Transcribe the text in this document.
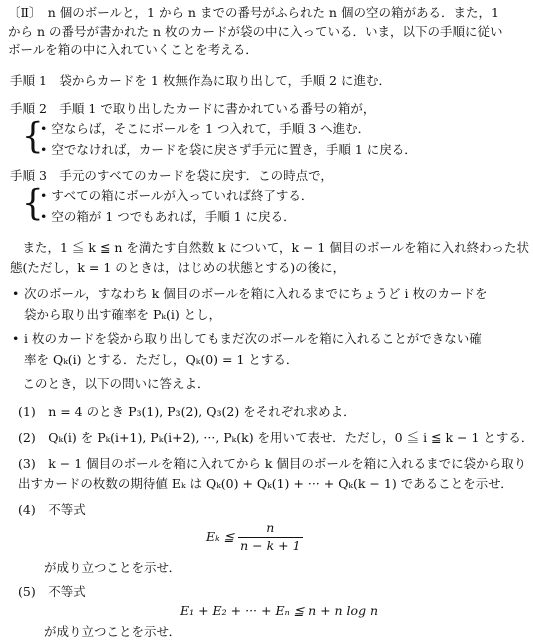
〔Ⅱ〕　n 個のボールと，1 から n までの番号がふられた n 個の空の箱がある．また，1

から n の番号が書かれた n 枚のカードが袋の中に入っている．いま，以下の手順に従い

ボールを箱の中に入れていくことを考える．

手順 1　袋からカードを 1 枚無作為に取り出して，手順 2 に進む．

手順 2　手順 1 で取り出したカードに書かれている番号の箱が，

{ • 空ならば，そこにボールを 1 つ入れて，手順 3 へ進む．

• 空でなければ，カードを袋に戻さず手元に置き，手順 1 に戻る．

手順 3　手元のすべてのカードを袋に戻す．この時点で，

{ • すべての箱にボールが入っていれば終了する．

• 空の箱が 1 つでもあれば，手順 1 に戻る．

　また，1 ≦ k ≦ n を満たす自然数 k について，k − 1 個目のボールを箱に入れ終わった状

態(ただし，k = 1 のときは，はじめの状態とする)の後に，

• 次のボール，すなわち k 個目のボールを箱に入れるまでにちょうど i 枚のカードを

袋から取り出す確率を Pₖ(i) とし，

• i 枚のカードを袋から取り出してもまだ次のボールを箱に入れることができない確

率を Qₖ(i) とする．ただし，Qₖ(0) = 1 とする．

　このとき，以下の問いに答えよ．

(1)　n = 4 のとき P₃(1), P₃(2), Q₃(2) をそれぞれ求めよ．

(2)　Qₖ(i) を Pₖ(i+1), Pₖ(i+2), ···, Pₖ(k) を用いて表せ．ただし，0 ≦ i ≦ k − 1 とする．

(3)　k − 1 個目のボールを箱に入れてから k 個目のボールを箱に入れるまでに袋から取り

出すカードの枚数の期待値 Eₖ は Qₖ(0) + Qₖ(1) + ··· + Qₖ(k − 1) であることを示せ．

(4)　不等式

Eₖ ≦ $\frac{n}{n - k + 1}$

が成り立つことを示せ．

(5)　不等式

E₁ + E₂ + ··· + Eₙ ≦ n + n log n

が成り立つことを示せ．
